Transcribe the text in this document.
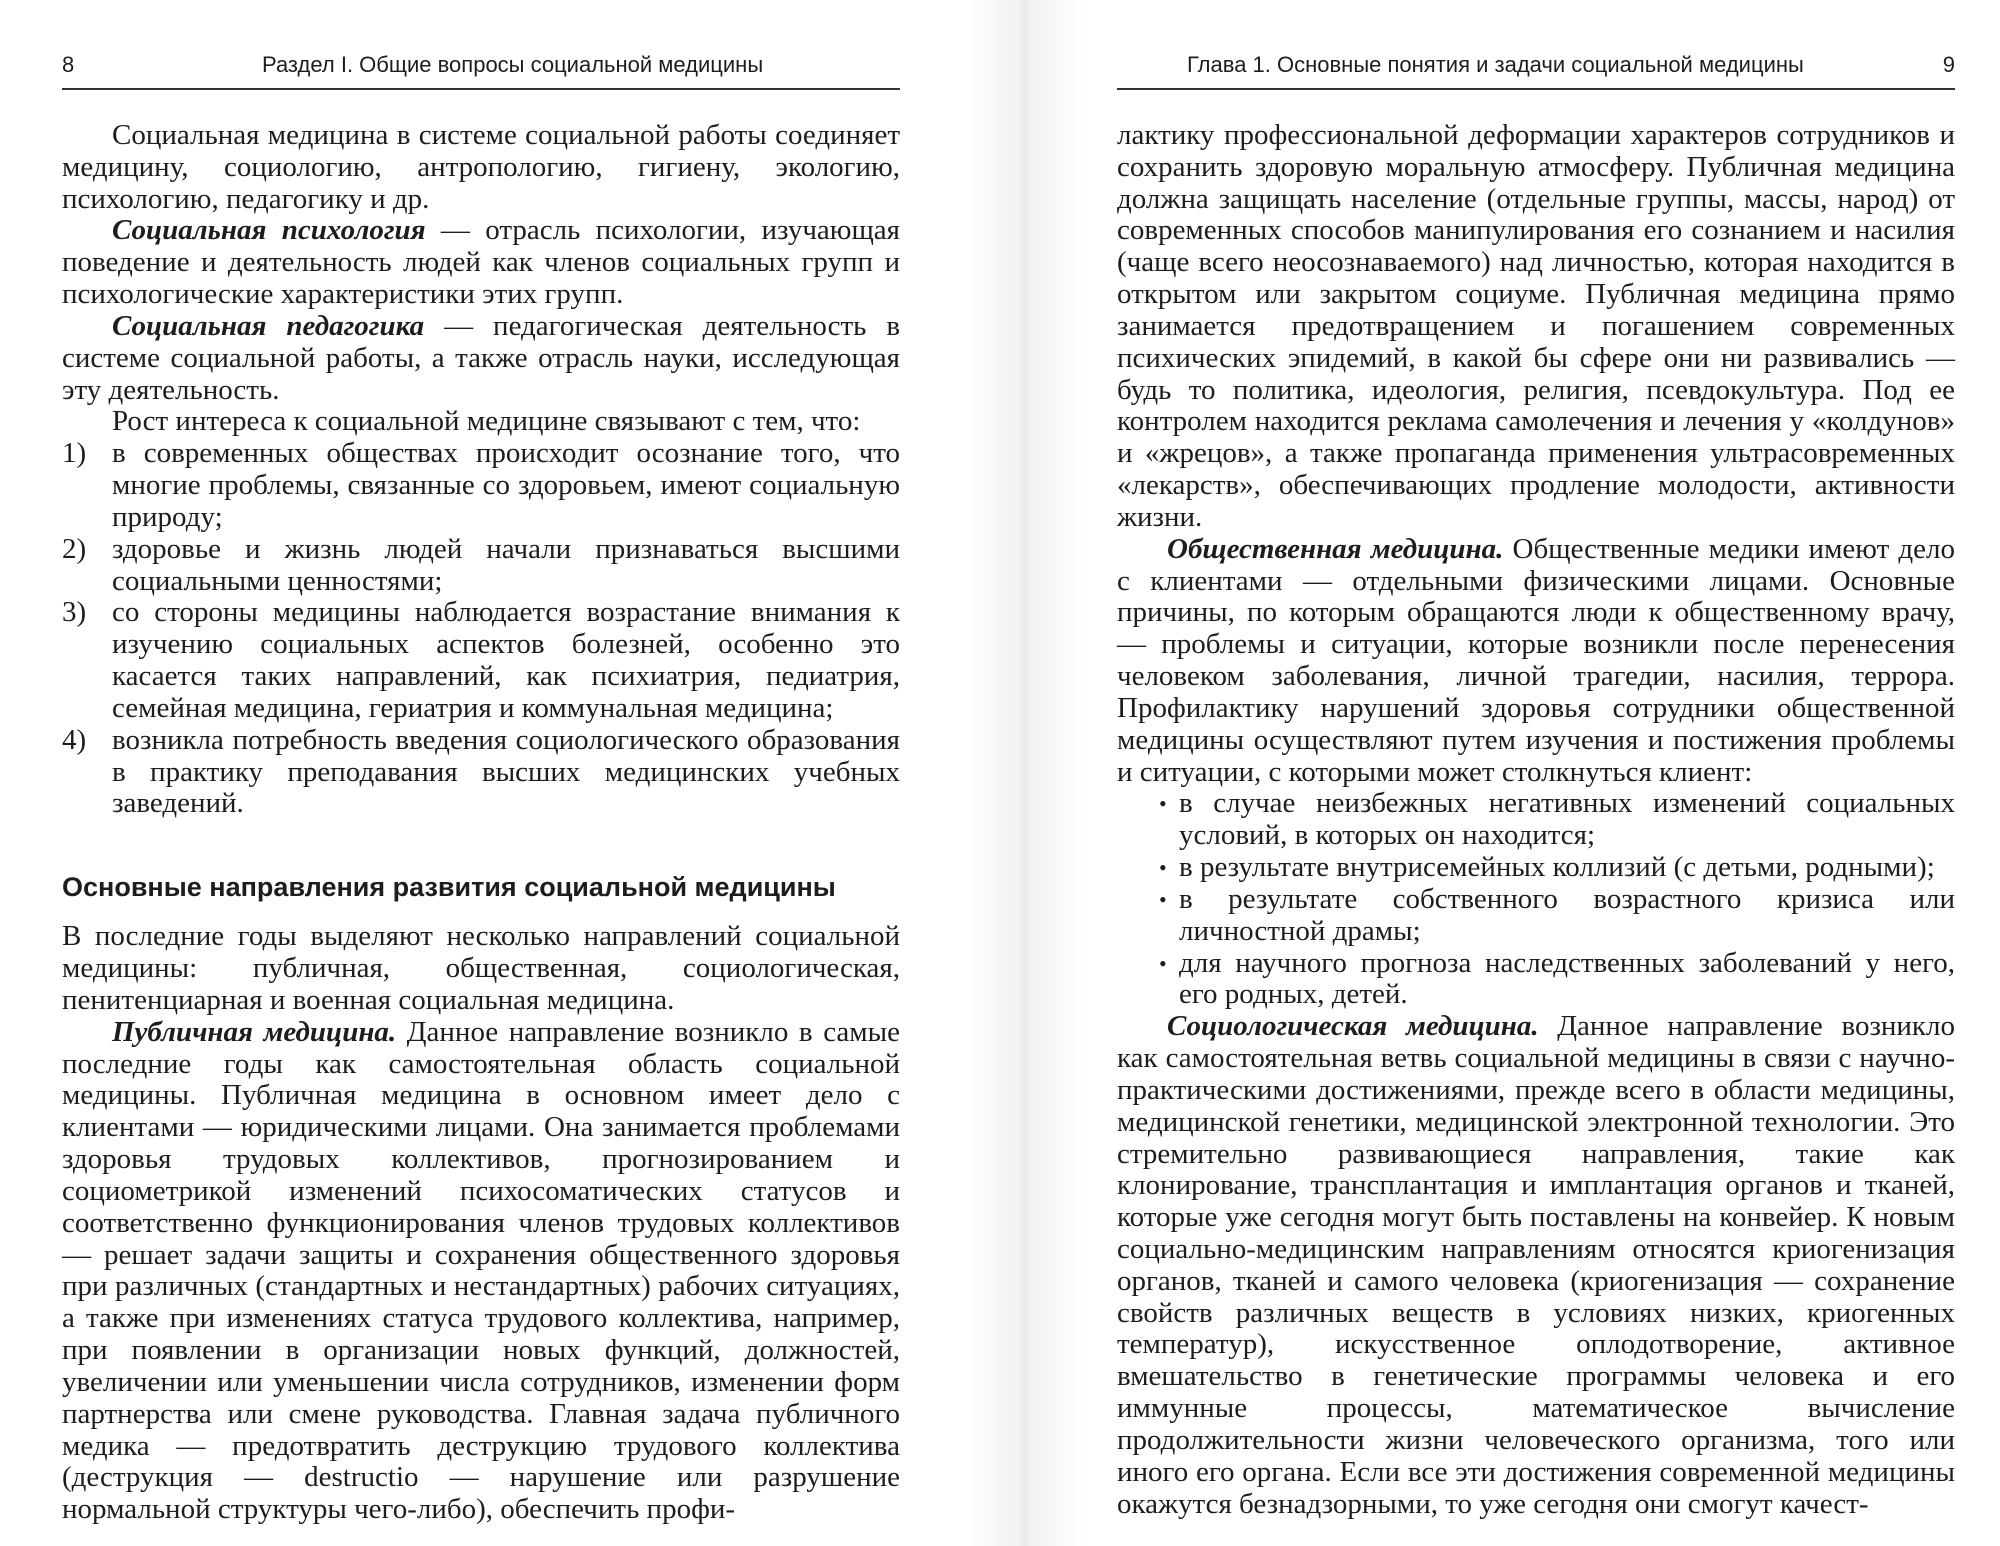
8	Раздел I. Общие вопросы социальной медицины

Социальная медицина в системе социальной работы соединяет медицину, социологию, антропологию, гигиену, экологию, психологию, педагогику и др.

Социальная психология — отрасль психологии, изучающая поведение и деятельность людей как членов социальных групп и психологические характеристики этих групп.

Социальная педагогика — педагогическая деятельность в системе социальной работы, а также отрасль науки, исследующая эту деятельность.

Рост интереса к социальной медицине связывают с тем, что:

1) в современных обществах происходит осознание того, что многие проблемы, связанные со здоровьем, имеют социальную природу;
2) здоровье и жизнь людей начали признаваться высшими социальными ценностями;
3) со стороны медицины наблюдается возрастание внимания к изучению социальных аспектов болезней, особенно это касается таких направлений, как психиатрия, педиатрия, семейная медицина, гериатрия и коммунальная медицина;
4) возникла потребность введения социологического образования в практику преподавания высших медицинских учебных заведений.
Основные направления развития социальной медицины

В последние годы выделяют несколько направлений социальной медицины: публичная, общественная, социологическая, пенитенциарная и военная социальная медицина.

Публичная медицина. Данное направление возникло в самые последние годы как самостоятельная область социальной медицины. Публичная медицина в основном имеет дело с клиентами — юридическими лицами. Она занимается проблемами здоровья трудовых коллективов, прогнозированием и социометрикой изменений психосоматических статусов и соответственно функционирования членов трудовых коллективов — решает задачи защиты и сохранения общественного здоровья при различных (стандартных и нестандартных) рабочих ситуациях, а также при изменениях статуса трудового коллектива, например, при появлении в организации новых функций, должностей, увеличении или уменьшении числа сотрудников, изменении форм партнерства или смене руководства. Главная задача публичного медика — предотвратить деструкцию трудового коллектива (деструкция — destructio — нарушение или разрушение нормальной структуры чего-либо), обеспечить профи-

Глава 1. Основные понятия и задачи социальной медицины	9

лактику профессиональной деформации характеров сотрудников и сохранить здоровую моральную атмосферу. Публичная медицина должна защищать население (отдельные группы, массы, народ) от современных способов манипулирования его сознанием и насилия (чаще всего неосознаваемого) над личностью, которая находится в открытом или закрытом социуме. Публичная медицина прямо занимается предотвращением и погашением современных психических эпидемий, в какой бы сфере они ни развивались — будь то политика, идеология, религия, псевдокультура. Под ее контролем находится реклама самолечения и лечения у «колдунов» и «жрецов», а также пропаганда применения ультрасовременных «лекарств», обеспечивающих продление молодости, активности жизни.

Общественная медицина. Общественные медики имеют дело с клиентами — отдельными физическими лицами. Основные причины, по которым обращаются люди к общественному врачу, — проблемы и ситуации, которые возникли после перенесения человеком заболевания, личной трагедии, насилия, террора. Профилактику нарушений здоровья сотрудники общественной медицины осуществляют путем изучения и постижения проблемы и ситуации, с которыми может столкнуться клиент:

• в случае неизбежных негативных изменений социальных условий, в которых он находится;
• в результате внутрисемейных коллизий (с детьми, родными);
• в результате собственного возрастного кризиса или личностной драмы;
• для научного прогноза наследственных заболеваний у него, его родных, детей.

Социологическая медицина. Данное направление возникло как самостоятельная ветвь социальной медицины в связи с научно-практическими достижениями, прежде всего в области медицины, медицинской генетики, медицинской электронной технологии. Это стремительно развивающиеся направления, такие как клонирование, трансплантация и имплантация органов и тканей, которые уже сегодня могут быть поставлены на конвейер. К новым социально-медицинским направлениям относятся криогенизация органов, тканей и самого человека (криогенизация — сохранение свойств различных веществ в условиях низких, криогенных температур), искусственное оплодотворение, активное вмешательство в генетические программы человека и его иммунные процессы, математическое вычисление продолжительности жизни человеческого организма, того или иного его органа. Если все эти достижения современной медицины окажутся безнадзорными, то уже сегодня они смогут качест-
